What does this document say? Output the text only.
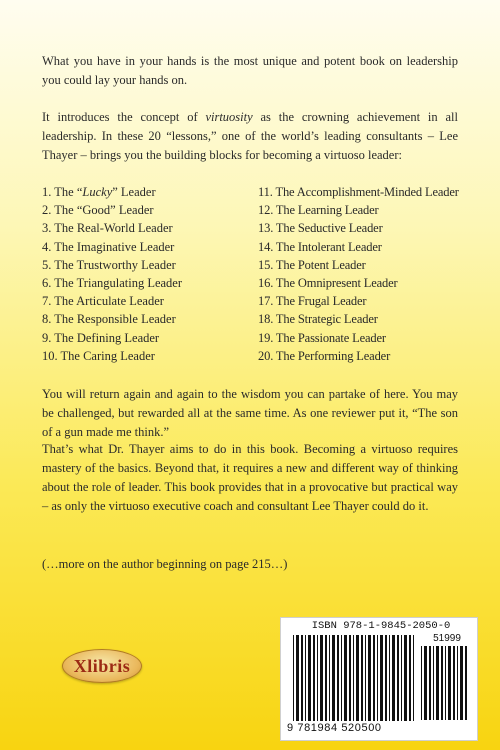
What you have in your hands is the most unique and potent book on leadership you could lay your hands on.

It introduces the concept of virtuosity as the crowning achievement in all leadership. In these 20 “lessons,” one of the world’s leading consultants – Lee Thayer – brings you the building blocks for becoming a virtuoso leader:

1. The “Lucky” Leader
2. The “Good” Leader
3. The Real-World Leader
4. The Imaginative Leader
5. The Trustworthy Leader
6. The Triangulating Leader
7. The Articulate Leader
8. The Responsible Leader
9. The Defining Leader
10. The Caring Leader
11. The Accomplishment-Minded Leader
12. The Learning Leader
13. The Seductive Leader
14. The Intolerant Leader
15. The Potent Leader
16. The Omnipresent Leader
17. The Frugal Leader
18. The Strategic Leader
19. The Passionate Leader
20. The Performing Leader

You will return again and again to the wisdom you can partake of here. You may be challenged, but rewarded all at the same time. As one reviewer put it, “The son of a gun made me think.”

That’s what Dr. Thayer aims to do in this book. Becoming a virtuoso requires mastery of the basics. Beyond that, it requires a new and different way of thinking about the role of leader. This book provides that in a provocative but practical way – as only the virtuoso executive coach and consultant Lee Thayer could do it.

(…more on the author beginning on page 215…)

Xlibris
ISBN 978-1-9845-2050-0
51999
9 781984 520500
